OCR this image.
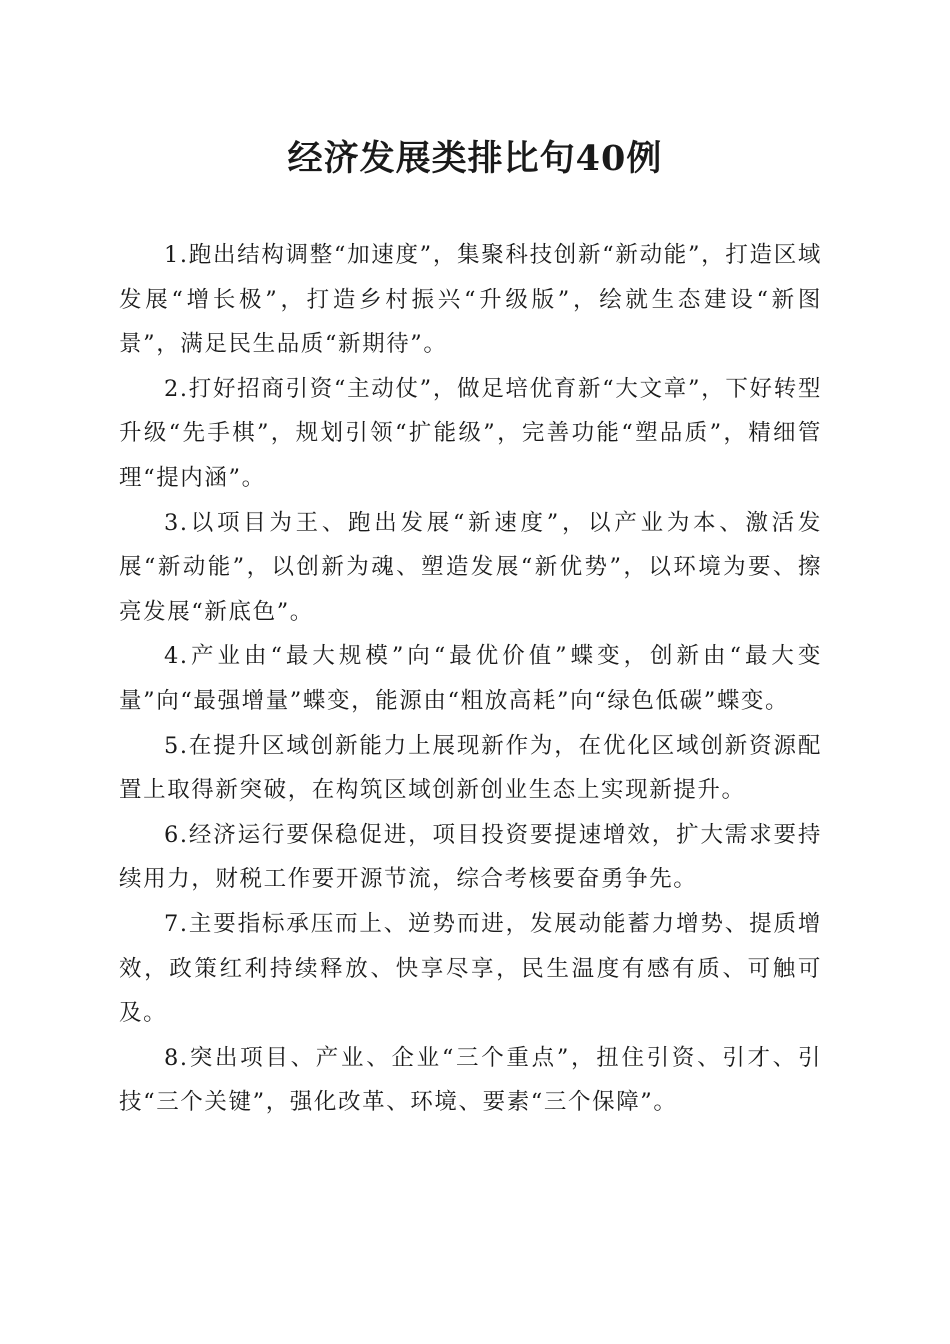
经济发展类排比句40例

1.跑出结构调整“加速度”，集聚科技创新“新动能”，打造区域发展“增长极”，打造乡村振兴“升级版”，绘就生态建设“新图景”，满足民生品质“新期待”。

2.打好招商引资“主动仗”，做足培优育新“大文章”，下好转型升级“先手棋”，规划引领“扩能级”，完善功能“塑品质”，精细管理“提内涵”。

3.以项目为王、跑出发展“新速度”，以产业为本、激活发展“新动能”，以创新为魂、塑造发展“新优势”，以环境为要、擦亮发展“新底色”。

4.产业由“最大规模”向“最优价值”蝶变，创新由“最大变量”向“最强增量”蝶变，能源由“粗放高耗”向“绿色低碳”蝶变。

5.在提升区域创新能力上展现新作为，在优化区域创新资源配置上取得新突破，在构筑区域创新创业生态上实现新提升。

6.经济运行要保稳促进，项目投资要提速增效，扩大需求要持续用力，财税工作要开源节流，综合考核要奋勇争先。

7.主要指标承压而上、逆势而进，发展动能蓄力增势、提质增效，政策红利持续释放、快享尽享，民生温度有感有质、可触可及。

8.突出项目、产业、企业“三个重点”，扭住引资、引才、引技“三个关键”，强化改革、环境、要素“三个保障”。
